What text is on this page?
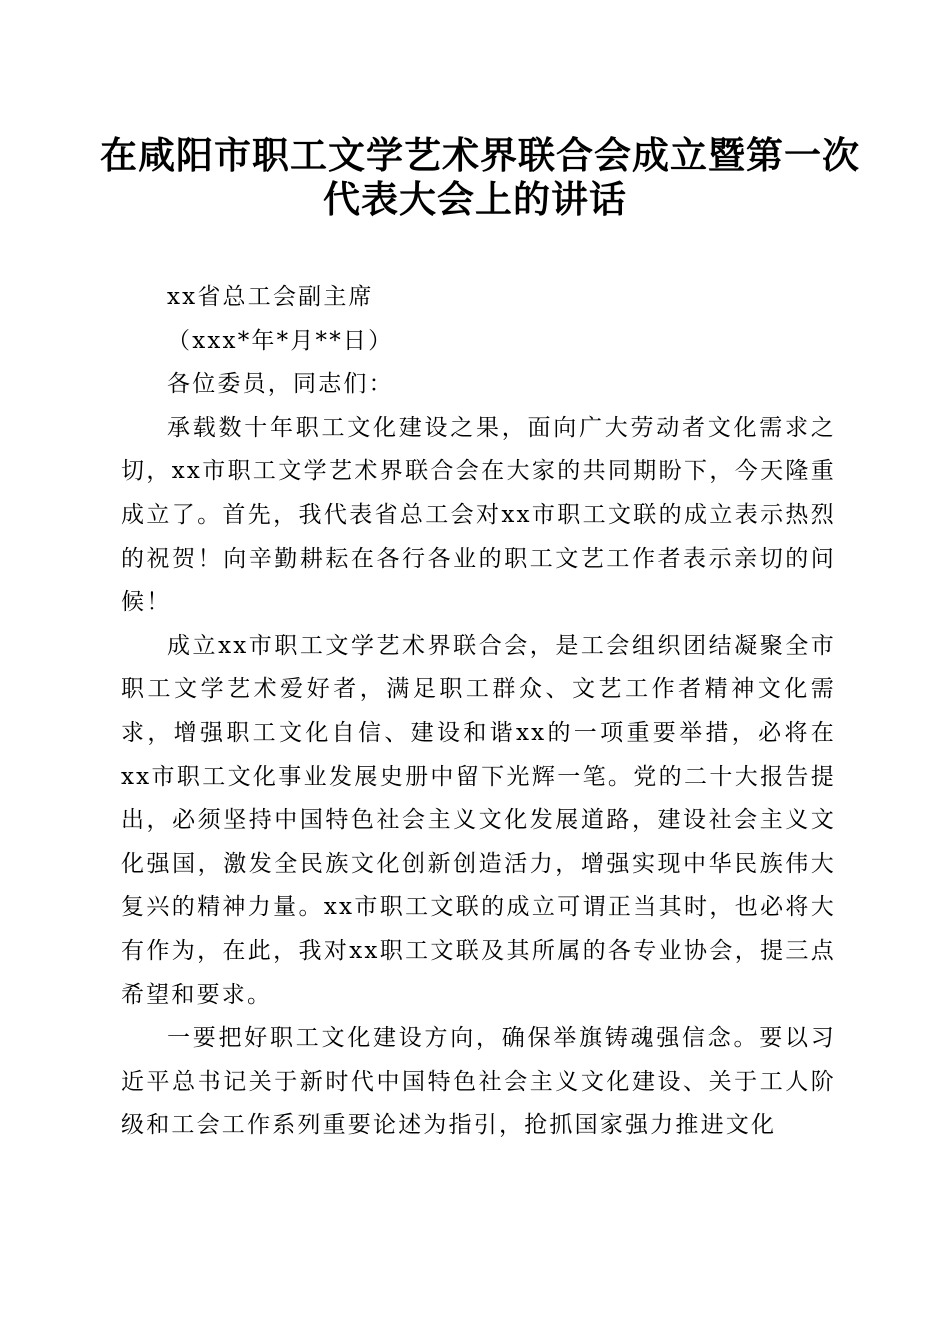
在咸阳市职工文学艺术界联合会成立暨第一次
代表大会上的讲话

xx省总工会副主席

（xxx*年*月**日）

各位委员，同志们：

承载数十年职工文化建设之果，面向广大劳动者文化需求之切，xx市职工文学艺术界联合会在大家的共同期盼下，今天隆重成立了。首先，我代表省总工会对xx市职工文联的成立表示热烈的祝贺！向辛勤耕耘在各行各业的职工文艺工作者表示亲切的问候！

成立xx市职工文学艺术界联合会，是工会组织团结凝聚全市职工文学艺术爱好者，满足职工群众、文艺工作者精神文化需求，增强职工文化自信、建设和谐xx的一项重要举措，必将在xx市职工文化事业发展史册中留下光辉一笔。党的二十大报告提出，必须坚持中国特色社会主义文化发展道路，建设社会主义文化强国，激发全民族文化创新创造活力，增强实现中华民族伟大复兴的精神力量。xx市职工文联的成立可谓正当其时，也必将大有作为，在此，我对xx职工文联及其所属的各专业协会，提三点希望和要求。

一要把好职工文化建设方向，确保举旗铸魂强信念。要以习近平总书记关于新时代中国特色社会主义文化建设、关于工人阶级和工会工作系列重要论述为指引，抢抓国家强力推进文化
